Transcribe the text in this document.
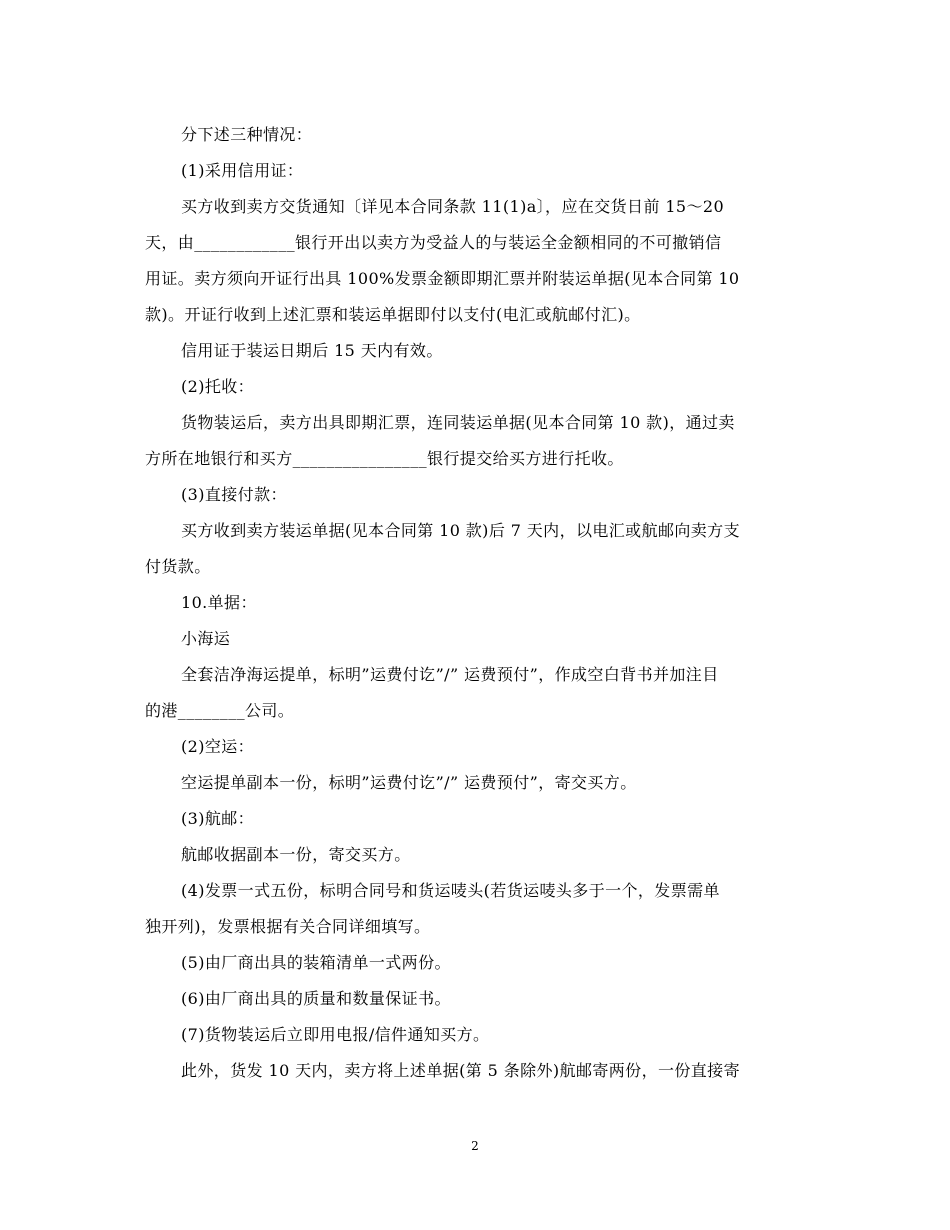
分下述三种情况：

(1)采用信用证：

买方收到卖方交货通知〔详见本合同条款 11(1)a〕，应在交货日前 15～20
天，由____________银行开出以卖方为受益人的与装运全金额相同的不可撤销信
用证。卖方须向开证行出具 100%发票金额即期汇票并附装运单据(见本合同第 10
款)。开证行收到上述汇票和装运单据即付以支付(电汇或航邮付汇)。

信用证于装运日期后 15 天内有效。

(2)托收：

货物装运后，卖方出具即期汇票，连同装运单据(见本合同第 10 款)，通过卖
方所在地银行和买方________________银行提交给买方进行托收。

(3)直接付款：

买方收到卖方装运单据(见本合同第 10 款)后 7 天内，以电汇或航邮向卖方支
付货款。

10.单据：

小海运

全套洁净海运提单，标明”运费付讫”/” 运费预付”，作成空白背书并加注目
的港________公司。

(2)空运：

空运提单副本一份，标明”运费付讫”/” 运费预付”，寄交买方。

(3)航邮：

航邮收据副本一份，寄交买方。

(4)发票一式五份，标明合同号和货运唛头(若货运唛头多于一个，发票需单
独开列)，发票根据有关合同详细填写。

(5)由厂商出具的装箱清单一式两份。

(6)由厂商出具的质量和数量保证书。

(7)货物装运后立即用电报/信件通知买方。

此外，货发 10 天内，卖方将上述单据(第 5 条除外)航邮寄两份，一份直接寄

2
